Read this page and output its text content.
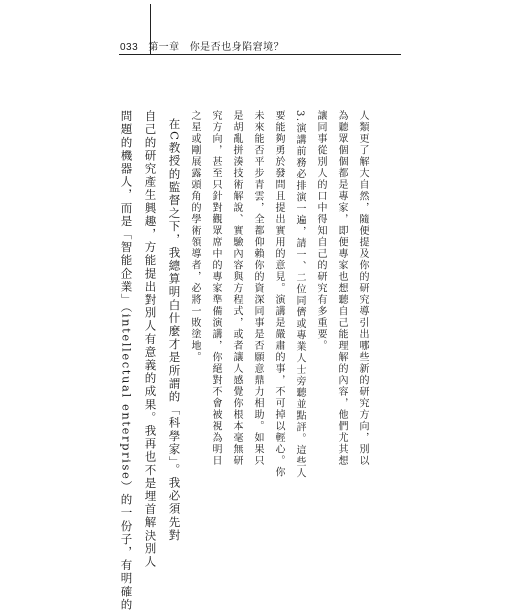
033 第一章 你是否也身陷窘境？
人類更了解大自然，隨便提及你的研究導引出哪些新的研究方向，別以
為聽眾個個都是專家，即便專家也想聽自己能理解的內容，他們尤其想
讓同事從別人的口中得知自己的研究有多重要。
3.演講前務必排演一遍，請一、二位同儕或專業人士旁聽並點評。這些人
要能夠勇於發問且提出實用的意見。演講是嚴肅的事，不可掉以輕心。你
未來能否平步青雲，全都仰賴你的資深同事是否願意鼎力相助。如果只
是胡亂拼湊技術解說、實驗內容與方程式，或者讓人感覺你根本毫無研
究方向，甚至只針對觀眾席中的專家準備演講，你絕對不會被視為明日
之星或剛展露頭角的學術領導者，必將一敗塗地。
在C教授的監督之下，我總算明白什麼才是所謂的「科學家」。我必須先對
自己的研究產生興趣，方能提出對別人有意義的成果。我再也不是埋首解決別人
問題的機器人，而是「智能企業」（intellectual enterprise）的一份子，有明確的
